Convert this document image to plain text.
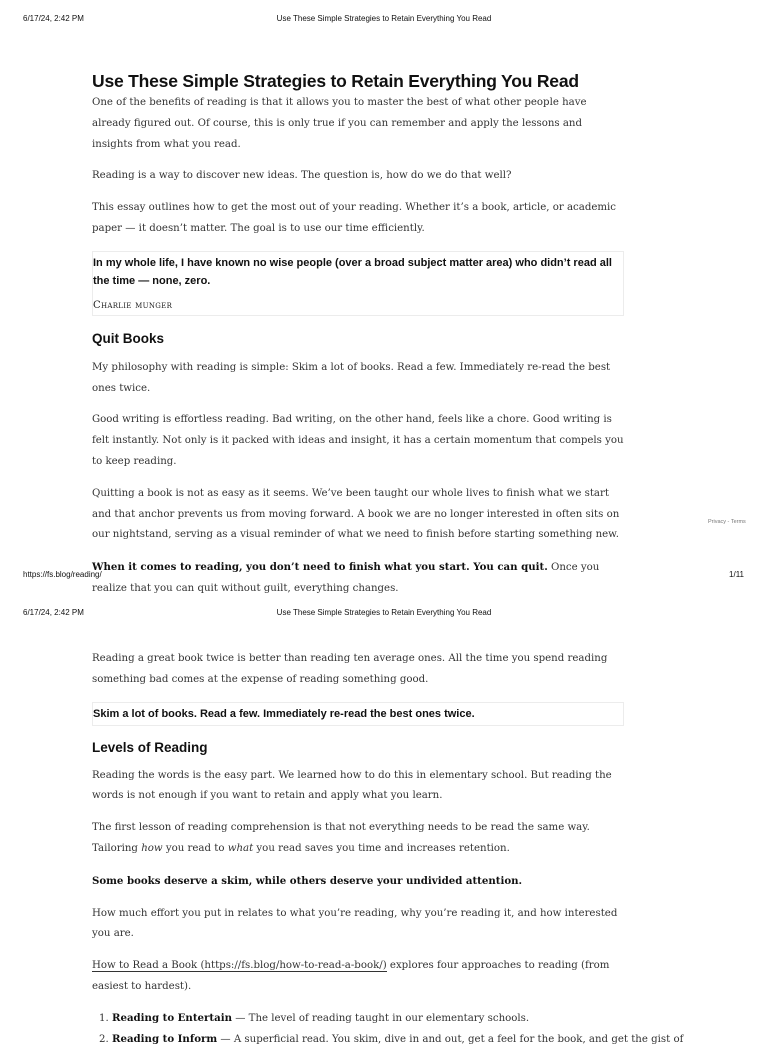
6/17/24, 2:42 PM	Use These Simple Strategies to Retain Everything You Read
Use These Simple Strategies to Retain Everything You Read

One of the benefits of reading is that it allows you to master the best of what other people have already figured out. Of course, this is only true if you can remember and apply the lessons and insights from what you read.

Reading is a way to discover new ideas. The question is, how do we do that well?

This essay outlines how to get the most out of your reading. Whether it’s a book, article, or academic paper — it doesn’t matter. The goal is to use our time efficiently.

In my whole life, I have known no wise people (over a broad subject matter area) who didn’t read all the time — none, zero.

Charlie munger
Quit Books

My philosophy with reading is simple: Skim a lot of books. Read a few. Immediately re-read the best ones twice.

Good writing is effortless reading. Bad writing, on the other hand, feels like a chore. Good writing is felt instantly. Not only is it packed with ideas and insight, it has a certain momentum that compels you to keep reading.

Quitting a book is not as easy as it seems. We’ve been taught our whole lives to finish what we start and that anchor prevents us from moving forward. A book we are no longer interested in often sits on our nightstand, serving as a visual reminder of what we need to finish before starting something new.

When it comes to reading, you don’t need to finish what you start. You can quit. Once you realize that you can quit without guilt, everything changes.

Privacy - Terms
https://fs.blog/reading/	1/11
6/17/24, 2:42 PM	Use These Simple Strategies to Retain Everything You Read

Reading a great book twice is better than reading ten average ones. All the time you spend reading something bad comes at the expense of reading something good.

Skim a lot of books. Read a few. Immediately re-read the best ones twice.

Levels of Reading

Reading the words is the easy part. We learned how to do this in elementary school. But reading the words is not enough if you want to retain and apply what you learn.

The first lesson of reading comprehension is that not everything needs to be read the same way. Tailoring how you read to what you read saves you time and increases retention.

Some books deserve a skim, while others deserve your undivided attention.

How much effort you put in relates to what you’re reading, why you’re reading it, and how interested you are.

How to Read a Book (https://fs.blog/how-to-read-a-book/) explores four approaches to reading (from easiest to hardest).

1. Reading to Entertain — The level of reading taught in our elementary schools.
2. Reading to Inform — A superficial read. You skim, dive in and out, get a feel for the book, and get the gist of
